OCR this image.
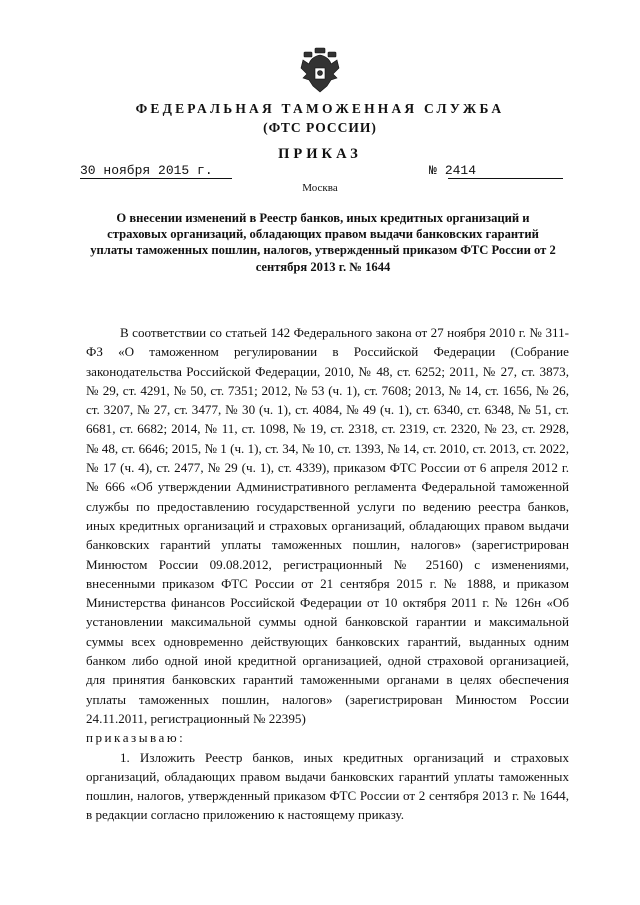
ФЕДЕРАЛЬНАЯ ТАМОЖЕННАЯ СЛУЖБА
(ФТС РОССИИ)
ПРИКАЗ
30 ноября 2015 г.	№ 2414
Москва
О внесении изменений в Реестр банков, иных кредитных организаций и страховых организаций, обладающих правом выдачи банковских гарантий уплаты таможенных пошлин, налогов, утвержденный приказом ФТС России от 2 сентября 2013 г. № 1644

В соответствии со статьей 142 Федерального закона от 27 ноября 2010 г. № 311-ФЗ «О таможенном регулировании в Российской Федерации (Собрание законодательства Российской Федерации, 2010, № 48, ст. 6252; 2011, № 27, ст. 3873, № 29, ст. 4291, № 50, ст. 7351; 2012, № 53 (ч. 1), ст. 7608; 2013, № 14, ст. 1656, № 26, ст. 3207, № 27, ст. 3477, № 30 (ч. 1), ст. 4084, № 49 (ч. 1), ст. 6340, ст. 6348, № 51, ст. 6681, ст. 6682; 2014, № 11, ст. 1098, № 19, ст. 2318, ст. 2319, ст. 2320, № 23, ст. 2928, № 48, ст. 6646; 2015, № 1 (ч. 1), ст. 34, № 10, ст. 1393, № 14, ст. 2010, ст. 2013, ст. 2022, № 17 (ч. 4), ст. 2477, № 29 (ч. 1), ст. 4339), приказом ФТС России от 6 апреля 2012 г. № 666 «Об утверждении Административного регламента Федеральной таможенной службы по предоставлению государственной услуги по ведению реестра банков, иных кредитных организаций и страховых организаций, обладающих правом выдачи банковских гарантий уплаты таможенных пошлин, налогов» (зарегистрирован Минюстом России 09.08.2012, регистрационный № 25160) с изменениями, внесенными приказом ФТС России от 21 сентября 2015 г. № 1888, и приказом Министерства финансов Российской Федерации от 10 октября 2011 г. № 126н «Об установлении максимальной суммы одной банковской гарантии и максимальной суммы всех одновременно действующих банковских гарантий, выданных одним банком либо одной иной кредитной организацией, одной страховой организацией, для принятия банковских гарантий таможенными органами в целях обеспечения уплаты таможенных пошлин, налогов» (зарегистрирован Минюстом России 24.11.2011, регистрационный № 22395)
приказываю:

1. Изложить Реестр банков, иных кредитных организаций и страховых организаций, обладающих правом выдачи банковских гарантий уплаты таможенных пошлин, налогов, утвержденный приказом ФТС России от 2 сентября 2013 г. № 1644, в редакции согласно приложению к настоящему приказу.
